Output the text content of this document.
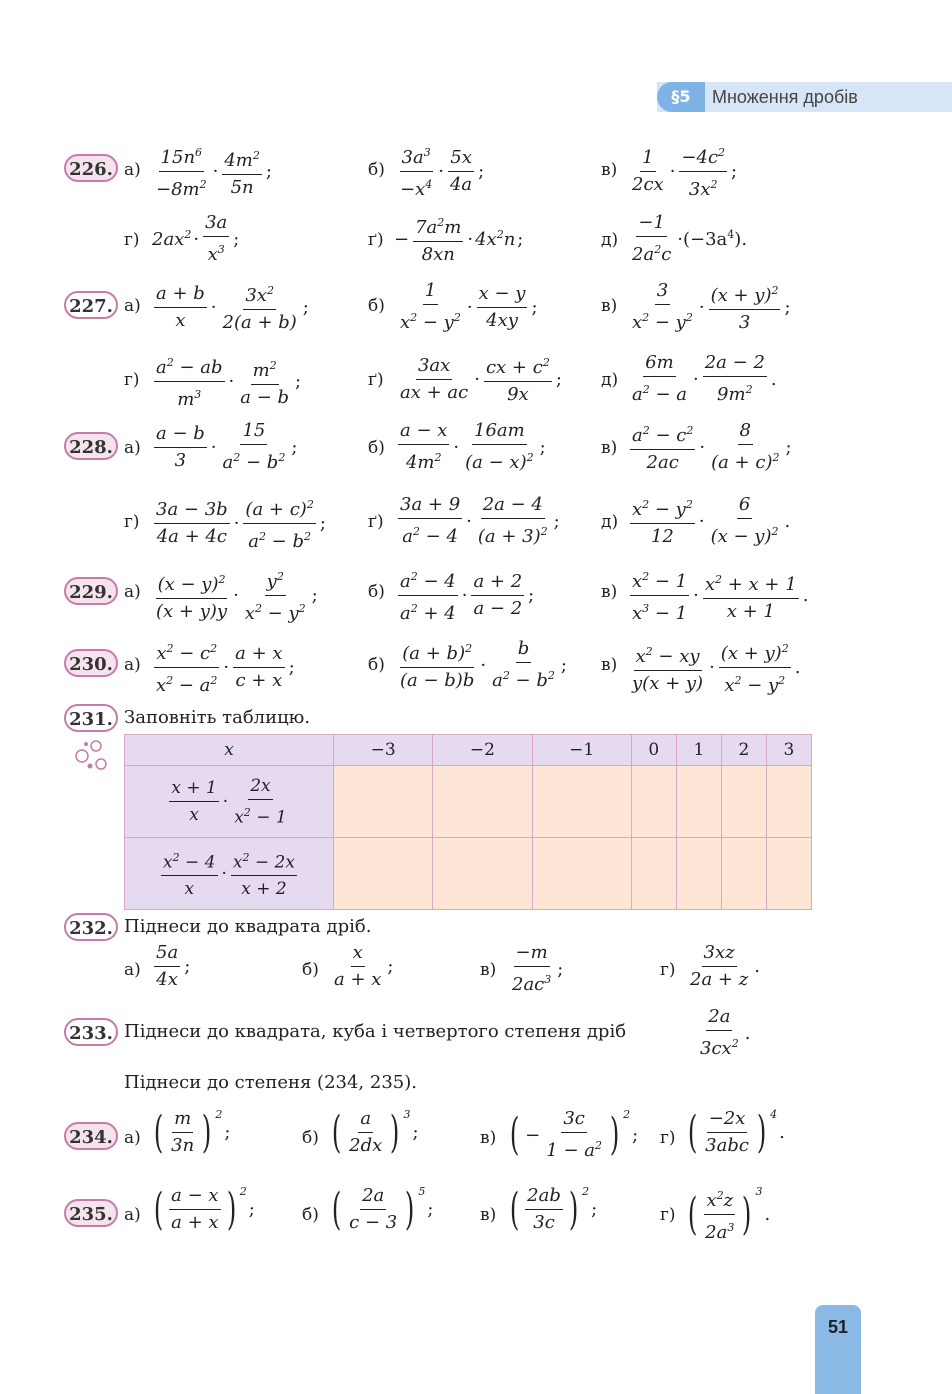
§5	Множення дробів
226. а)
$15n^6$
$-8m^2$
·
$4m^2$
5n
;	б)
$3a^3$
$-x^4$
·
5x
4a
;	в)
1
2cx
·
$-4c^2$
$3x^2$
;
г) $2ax^2$ ·
3a
$x^3$ ;	$ґ) - \frac{7a^2m}{8xn} \cdot 4x^2n$ ;	д)
−1
$2a^2c$
$\cdot(-3a^4)$.
227. а)
a + b
x
·
$3x^2$
2(a + b)
;	б)
1
$x^2 - y^2$ ·
x − y
4xy
;	в)
3
$x^2 - y^2$ ·
$(x + y)^2$
3
;
г)
$a^2$ − ab
$m^3$
·
$m^2$
a − b
;	ґ)
3ax
ax + ac
·
cx + $c^2$
9x
; д)
6m
$a^2 - a$
·
2a − 2
$9m^2$ .
228. а)
a − b
3
·
15
$a^2 - b^2$ ;	б)
a − x
$4m^2$ ·
16am
$(a - x)^2$ ;	в)
$a^2 - c^2$
2ac
·
8
$(a + c)^2$ ;
г)
3a − 3b
4a + 4c
·
$(a + c)^2$
$a^2 - b^2$
; ґ)
3a + 9
$a^2 - 4$
·
2a − 4
$(a + 3)^2$ ; д)
$x^2 - y^2$
12
·
6
$(x - y)^2$ .
229. а) $(x - y)^2$
(x + y)y
·
$y^2$
$x^2 - y^2$
;	б) $a^2 - 4$
$a^2 + 4$
·
a + 2
a − 2
;	в) $x^2 - 1$
$x^3 - 1$
·
$x^2 + x + 1$
x + 1
.
230. а)
$x^2 - c^2$
$x^2 - a^2$
·
a + x
c + x
;	б)
$(a + b)^2$
(a − b)b
·
b
$a^2 - b^2$ ; в) $x^2$ − xy
y(x + y)
·
$(x + y)^2$
$x^2 - y^2$
.
231. Заповніть таблицю.
x	−3	−2	−1	0	1	2	3

x + 1
x
·
2x
$x^2 - 1$							

$x^2 - 4$
x
·
$x^2 - 2x$
x + 2							

232. Піднеси до квадрата дріб.
а)
5a
4x
;	б)
x
a + x
;	в)
−m
$2ac^3$ ;	г)
3xz
2a + z
.
233. Піднеси до квадрата, куба і четвертого степеня дріб
2a
$3cx^2$ .
Піднеси до степеня (234, 235).
234. а) ( m
3n ) $^2$
;	б) ( a
2dx ) $^3$
;	в) ( − $\frac{3c}{1 - a^2}$ ) $^2$
; г) ( −2x
3abc ) $^4$
.
235. а) ( a − x
a + x ) $^2$
;	б) ( 2a
c − 3 ) $^5$
;	в) ( 2ab
3c ) $^2$
;	г) ( $x^2z$
$2a^3$ ) $^3$
.
51
